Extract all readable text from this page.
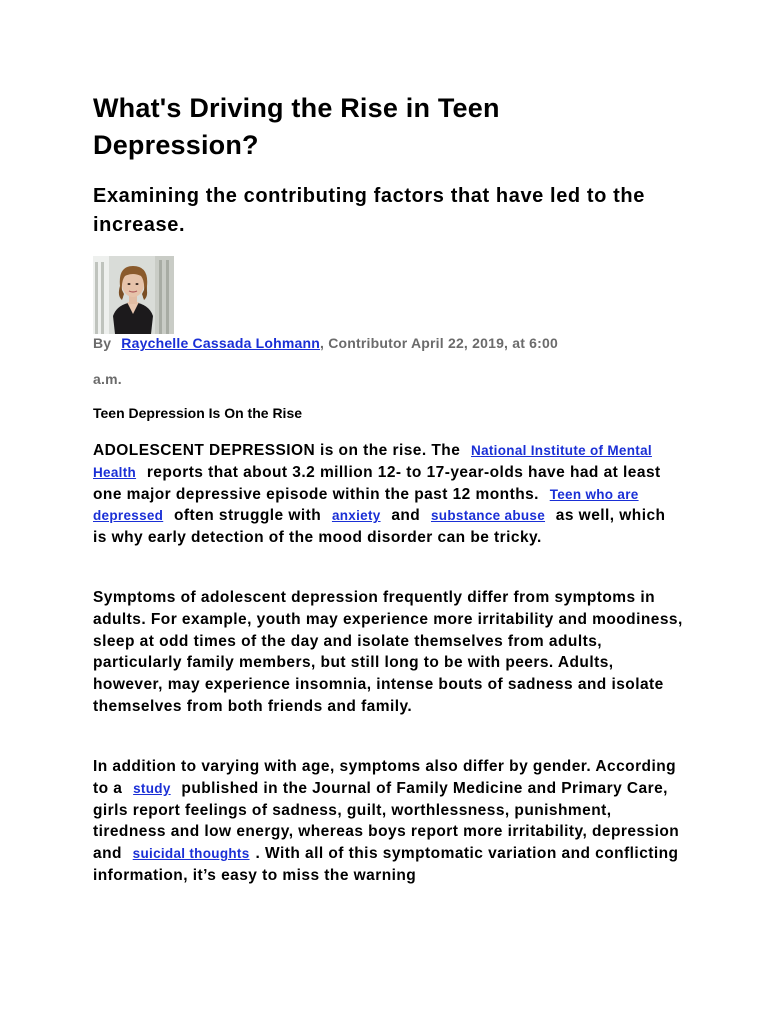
What's Driving the Rise in Teen Depression?
Examining the contributing factors that have led to the increase.

By Raychelle Cassada Lohmann, Contributor April 22, 2019, at 6:00
a.m.

Teen Depression Is On the Rise

ADOLESCENT DEPRESSION is on the rise. The National Institute of Mental Health reports that about 3.2 million 12- to 17-year-olds have had at least one major depressive episode within the past 12 months. Teen who are depressed often struggle with anxiety and substance abuse as well, which is why early detection of the mood disorder can be tricky.

Symptoms of adolescent depression frequently differ from symptoms in adults. For example, youth may experience more irritability and moodiness, sleep at odd times of the day and isolate themselves from adults, particularly family members, but still long to be with peers. Adults, however, may experience insomnia, intense bouts of sadness and isolate themselves from both friends and family.

In addition to varying with age, symptoms also differ by gender. According to a study published in the Journal of Family Medicine and Primary Care, girls report feelings of sadness, guilt, worthlessness, punishment, tiredness and low energy, whereas boys report more irritability, depression and suicidal thoughts . With all of this symptomatic variation and conflicting information, it’s easy to miss the warning
